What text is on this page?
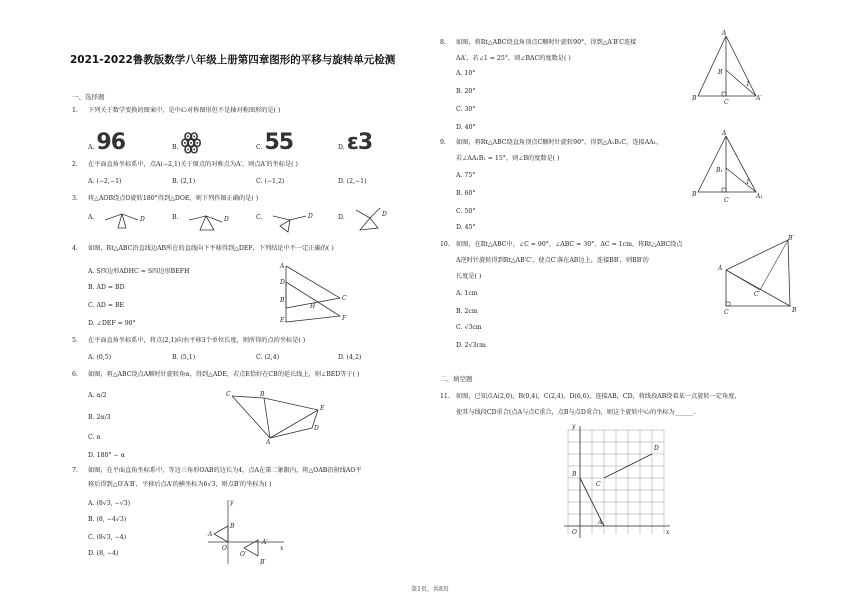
2021-2022鲁教版数学八年级上册第四章图形的平移与旋转单元检测
一、选择题
1. 下列关于数学变换的图案中，是中心对称图形但不是轴对称图形的是( )
A. 96	B. ꙮ	C. 55	D. ɛ3
2. 在平面直角坐标系中，点A(−2,1)关于原点的对称点为A′，则点A′的坐标是( )
A. (−2,−1)	B. (2,1)	C. (−1,2)	D. (2,−1)
3. 将△AOB绕点O旋转180°得到△DOE，则下列作图正确的是( )
A.	B.	C.	D.
D	D	D	D
4. 如图，Rt△ABC沿直线边AB所在的直线向下平移得到△DEF，下列结论中不一定正确的( )
A. S四边形ADHC = S四边形BEFH
B. AD = BD
C. AD = BE
D. ∠DEF = 90°
A
D
B
H
C
E	F
5. 在平面直角坐标系中，将点(2,1)向右平移3个单位长度，则所得的点的坐标是( )
A. (0,5)	B. (5,1)	C. (2,4)	D. (4,2)
6. 如图，将△ABC绕点A顺时针旋转角α，得到△ADE，若点E恰好在CB的延长线上，则∠BED等于( )
A. α/2
B. 2α/3
C. α
D. 180° − α
C	B
E
D
A
7. 如图，在平面直角坐标系中，等边三角形OAB的边长为4，点A在第二象限内，将△OAB沿射线AO平
移后得到△O′A′B′，平移后点A′的横坐标为6√3，则点B′的坐标为( )
A. (8√3, −√3)
B. (8, −4√3)
C. (8√3, −4)
D. (8, −4)
y
B
A
O	x
A′
B′
O′
8. 如图，将Rt△ABC绕直角顶点C顺时针旋转90°，得到△A′B′C连接
AA′，若∠1 = 25°，则∠BAC的度数是( )
A. 10°
B. 20°
C. 30°
D. 40°
A
B′
1
B
C
A′
9. 如图，将Rt△ABC绕直角顶点C顺时针旋转90°，得到△A₁B₁C，连接AA₁，
若∠AA₁B₁ = 15°，则∠B的度数是( )
A. 75°
B. 60°
C. 50°
D. 45°
A
B₁
1
B
C
A₁
10. 如图，在Rt△ABC中，∠C = 90°，∠ABC = 30°，AC = 1cm，将Rt△ABC绕点
A逆时针旋转得到Rt△AB′C′，使点C′落在AB边上，连接BB′，则BB′的
长度是( )
A. 1cm
B. 2cm
C. √3cm
D. 2√3cm
B′
A
C′
C	B
二、填空题
11. 如图，已知点A(2,0)，B(0,4)，C(2,4)，D(6,6)，连接AB，CD，将线段AB绕着某一点旋转一定角度，
使其与线段CD重合(点A与点C重合，点B与点D重合)，则这个旋转中心的坐标为______.
y
D
B
C
A
O	x
第1页，共8页
